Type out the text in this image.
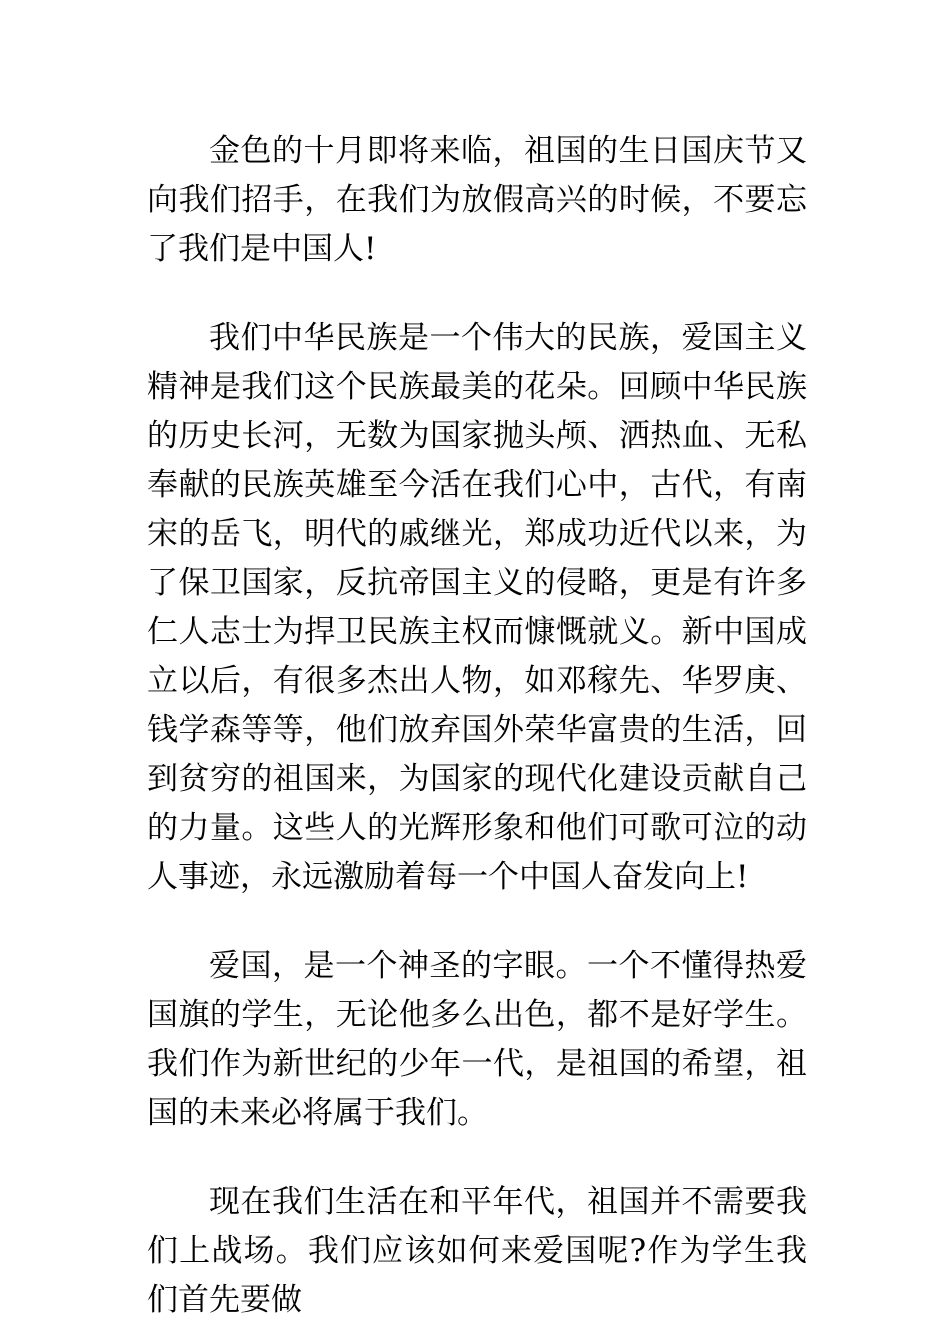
金色的十月即将来临，祖国的生日国庆节又向我们招手，在我们为放假高兴的时候，不要忘了我们是中国人!

我们中华民族是一个伟大的民族，爱国主义精神是我们这个民族最美的花朵。回顾中华民族的历史长河，无数为国家抛头颅、洒热血、无私奉献的民族英雄至今活在我们心中，古代，有南宋的岳飞，明代的戚继光，郑成功近代以来，为了保卫国家，反抗帝国主义的侵略，更是有许多仁人志士为捍卫民族主权而慷慨就义。新中国成立以后，有很多杰出人物，如邓稼先、华罗庚、钱学森等等，他们放弃国外荣华富贵的生活，回到贫穷的祖国来，为国家的现代化建设贡献自己的力量。这些人的光辉形象和他们可歌可泣的动人事迹，永远激励着每一个中国人奋发向上!

爱国，是一个神圣的字眼。一个不懂得热爱国旗的学生，无论他多么出色，都不是好学生。我们作为新世纪的少年一代，是祖国的希望，祖国的未来必将属于我们。

现在我们生活在和平年代，祖国并不需要我们上战场。我们应该如何来爱国呢?作为学生我们首先要做
